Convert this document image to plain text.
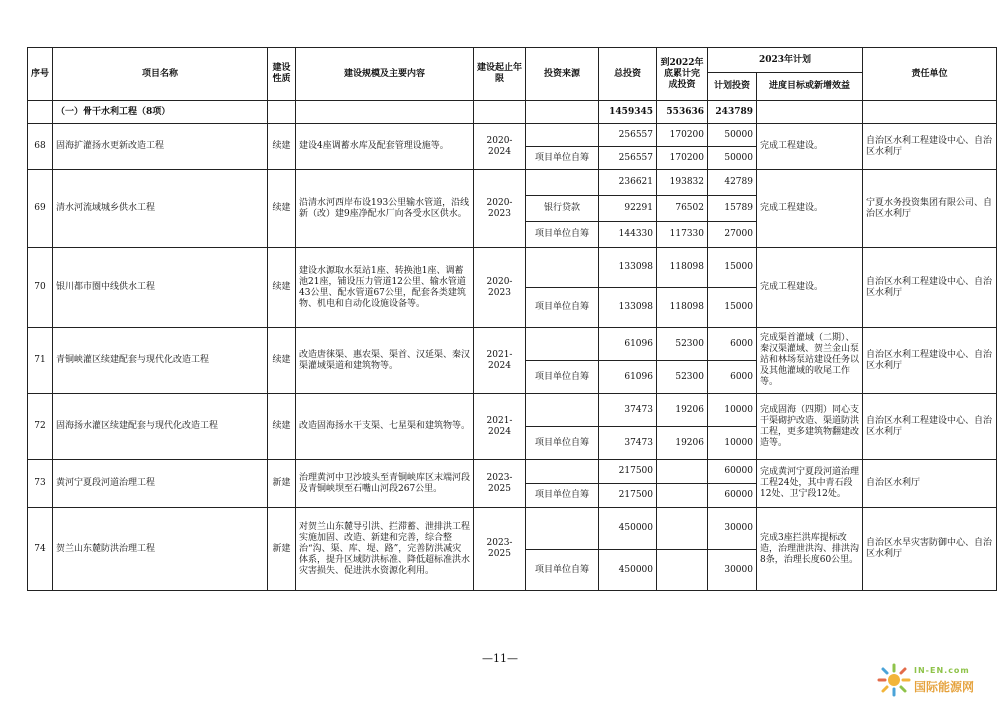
序号	项目名称	建设性质	建设规模及主要内容	建设起止年限	投资来源	总投资	到2022年底累计完成投资	2023年计划		责任单位
								计划投资	进度目标或新增效益	
	（一）骨干水利工程（8项）					1459345	553636	243789		
68	固海扩灌扬水更新改造工程	续建	建设4座调蓄水库及配套管理设施等。	2020-2024		256557	170200	50000	完成工程建设。	自治区水利工程建设中心、自治区水利厅
					项目单位自筹	256557	170200	50000		
69	清水河流域城乡供水工程	续建	沿清水河西岸布设193公里输水管道，沿线新（改）建9座净配水厂向各受水区供水。	2020-2023		236621	193832	42789	完成工程建设。	宁夏水务投资集团有限公司、自治区水利厅
					银行贷款	92291	76502	15789		
					项目单位自筹	144330	117330	27000		
70	银川都市圈中线供水工程	续建	建设水源取水泵站1座、转换池1座、调蓄池21座，铺设压力管道12公里、输水管道43公里、配水管道67公里，配套各类建筑物、机电和自动化设施设备等。	2020-2023		133098	118098	15000	完成工程建设。	自治区水利工程建设中心、自治区水利厅
					项目单位自筹	133098	118098	15000		
71	青铜峡灌区续建配套与现代化改造工程	续建	改造唐徕渠、惠农渠、渠首、汉延渠、秦汉渠灌域渠道和建筑物等。	2021-2024		61096	52300	6000	完成渠首灌域（二期）、秦汉渠灌域、贺兰金山泵站和林场泵站建设任务以及其他灌域的收尾工作等。	自治区水利工程建设中心、自治区水利厅
					项目单位自筹	61096	52300	6000		
72	固海扬水灌区续建配套与现代化改造工程	续建	改造固海扬水干支渠、七星渠和建筑物等。	2021-2024		37473	19206	10000	完成固海（四期）同心支干渠砌护改造、渠道防洪工程，更多建筑物翻建改造等。	自治区水利工程建设中心、自治区水利厅
					项目单位自筹	37473	19206	10000		
73	黄河宁夏段河道治理工程	新建	治理黄河中卫沙坡头至青铜峡库区末端河段及青铜峡坝至石嘴山河段267公里。	2023-2025		217500		60000	完成黄河宁夏段河道治理工程24处，其中青石段12处、卫宁段12处。	自治区水利厅
					项目单位自筹	217500		60000		
74	贺兰山东麓防洪治理工程	新建	对贺兰山东麓导引洪、拦滞蓄、泄排洪工程实施加固、改造、新建和完善，综合整治“沟、渠、库、堤、路”，完善防洪减灾体系，提升区域防洪标准、降低超标准洪水灾害损失、促进洪水资源化利用。	2023-2025		450000		30000	完成3座拦洪库提标改造，治理泄洪沟、排洪沟8条，治理长度60公里。	自治区水旱灾害防御中心、自治区水利厅
					项目单位自筹	450000		30000		
—11—
IN-EN.com
国际能源网
